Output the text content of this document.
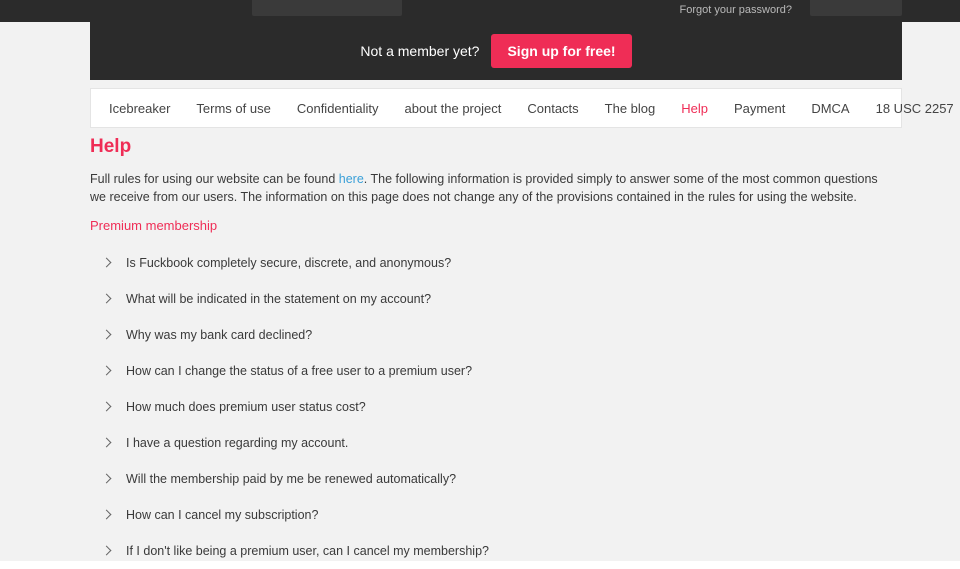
Forgot your password?
Not a member yet?	Sign up for free!
Icebreaker Terms of use Confidentiality about the project Contacts The blog Help Payment DMCA 18 USC 2257
Help

Full rules for using our website can be found here. The following information is provided simply to answer some of the most common questions we receive from our users. The information on this page does not change any of the provisions contained in the rules for using the website.

Premium membership
Is Fuckbook completely secure, discrete, and anonymous?
What will be indicated in the statement on my account?
Why was my bank card declined?
How can I change the status of a free user to a premium user?
How much does premium user status cost?
I have a question regarding my account.
Will the membership paid by me be renewed automatically?
How can I cancel my subscription?
If I don't like being a premium user, can I cancel my membership?
